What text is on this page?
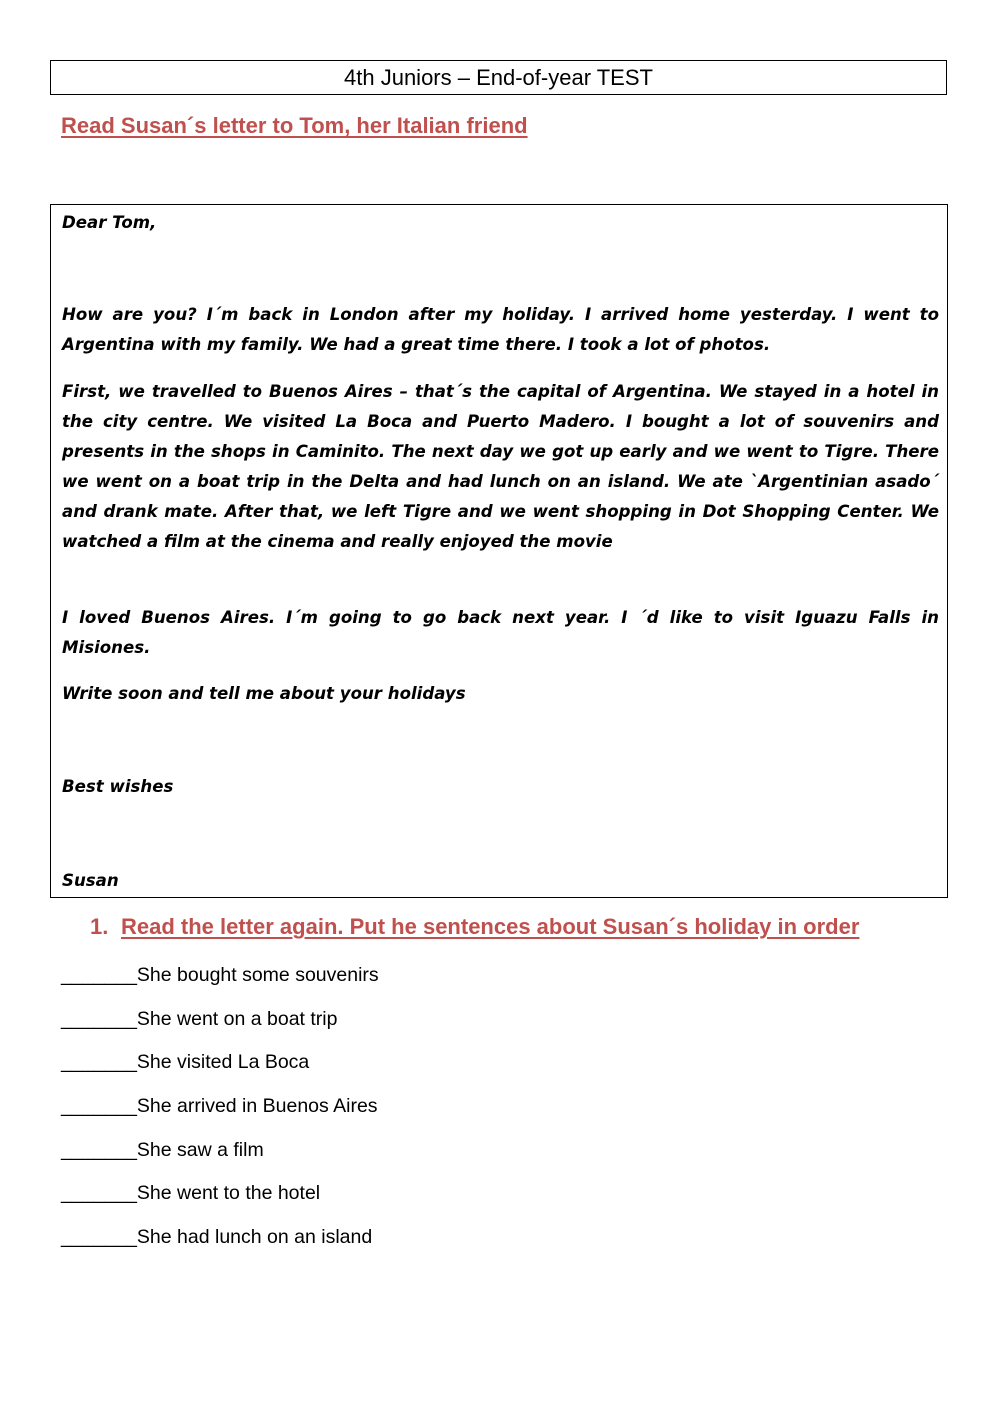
4th Juniors – End-of-year TEST
Read Susan´s letter to Tom, her Italian friend

Dear Tom,

How are you? I´m back in London after my holiday. I arrived home yesterday. I went to Argentina with my family. We had a great time there. I took a lot of photos.

First, we travelled to Buenos Aires – that´s the capital of Argentina. We stayed in a hotel in the city centre. We visited La Boca and Puerto Madero. I bought a lot of souvenirs and presents in the shops in Caminito. The next day we got up early and we went to Tigre. There we went on a boat trip in the Delta and had lunch on an island. We ate `Argentinian asado´ and drank mate. After that, we left Tigre and we went shopping in Dot Shopping Center. We watched a film at the cinema and really enjoyed the movie

I loved Buenos Aires. I´m going to go back next year. I ´d like to visit Iguazu Falls in Misiones.

Write soon and tell me about your holidays

Best wishes

Susan

1. Read the letter again. Put he sentences about Susan´s holiday in order
_______She bought some souvenirs
_______She went on a boat trip
_______She visited La Boca
_______She arrived in Buenos Aires
_______She saw a film
_______She went to the hotel
_______She had lunch on an island
